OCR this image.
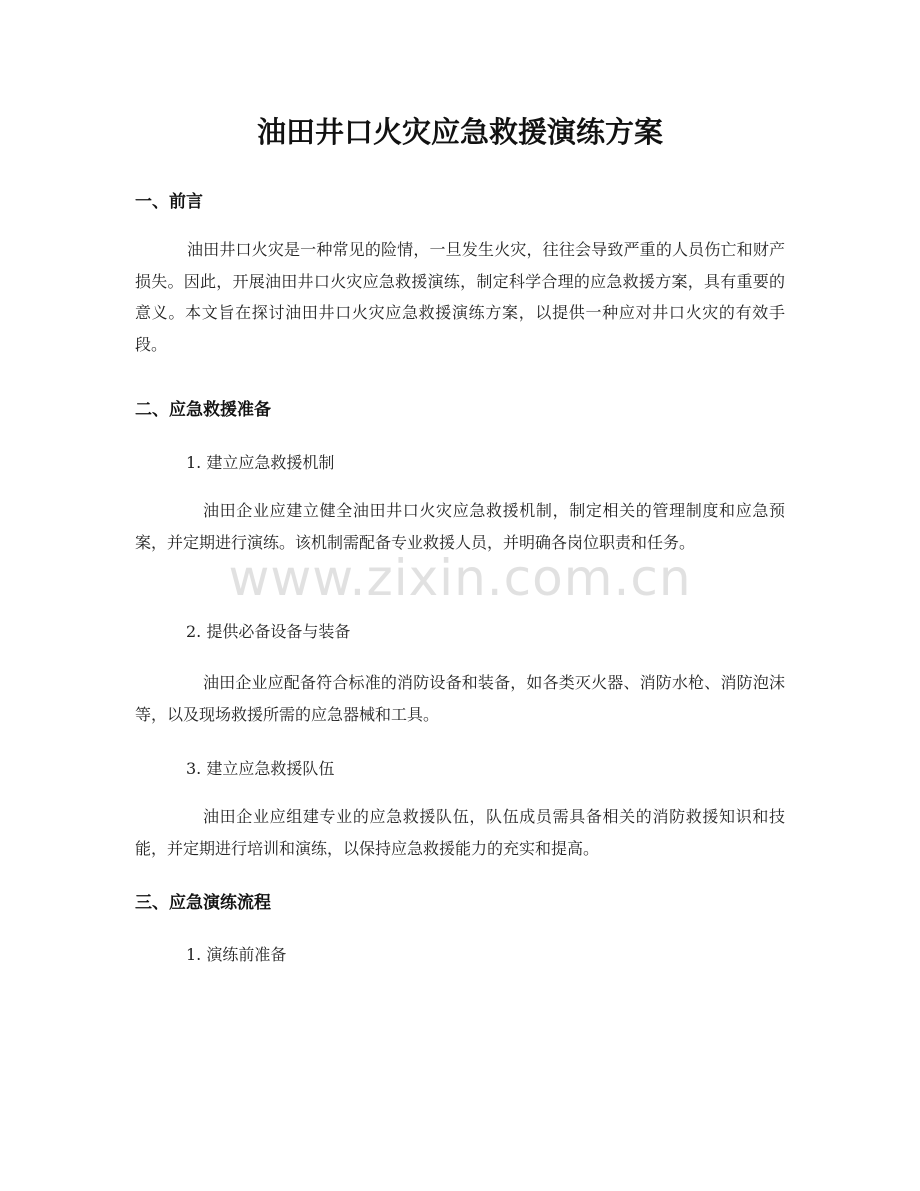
油田井口火灾应急救援演练方案
一、前言

油田井口火灾是一种常见的险情，一旦发生火灾，往往会导致严重的人员伤亡和财产损失。因此，开展油田井口火灾应急救援演练，制定科学合理的应急救援方案，具有重要的意义。本文旨在探讨油田井口火灾应急救援演练方案，以提供一种应对井口火灾的有效手段。

二、应急救援准备
1. 建立应急救援机制

油田企业应建立健全油田井口火灾应急救援机制，制定相关的管理制度和应急预案，并定期进行演练。该机制需配备专业救援人员，并明确各岗位职责和任务。

2. 提供必备设备与装备

油田企业应配备符合标准的消防设备和装备，如各类灭火器、消防水枪、消防泡沫等，以及现场救援所需的应急器械和工具。

3. 建立应急救援队伍

油田企业应组建专业的应急救援队伍，队伍成员需具备相关的消防救援知识和技能，并定期进行培训和演练，以保持应急救援能力的充实和提高。

三、应急演练流程
1. 演练前准备
www.zixin.com.cn
